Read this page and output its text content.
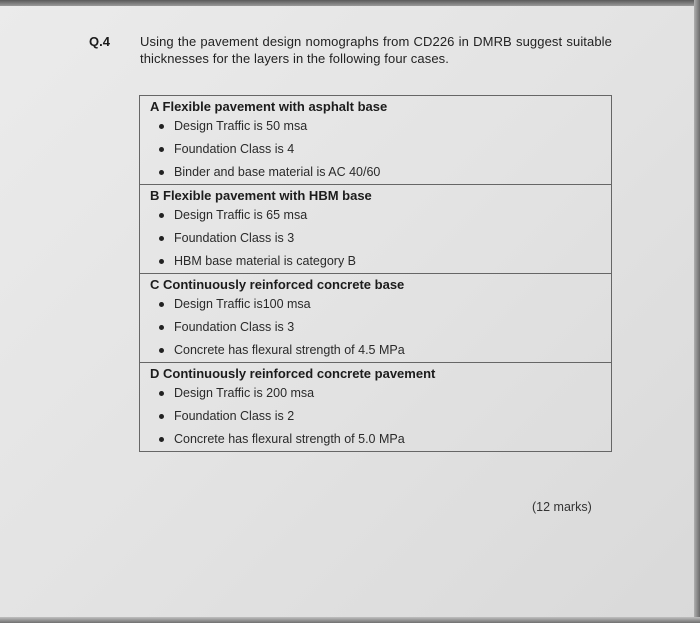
Q.4 Using the pavement design nomographs from CD226 in DMRB suggest suitable thicknesses for the layers in the following four cases.
A Flexible pavement with asphalt base
Design Traffic is 50 msa
Foundation Class is 4
Binder and base material is AC 40/60

B Flexible pavement with HBM base
Design Traffic is 65 msa
Foundation Class is 3
HBM base material is category B

C Continuously reinforced concrete base
Design Traffic is100 msa
Foundation Class is 3
Concrete has flexural strength of 4.5 MPa

D Continuously reinforced concrete pavement
Design Traffic is 200 msa
Foundation Class is 2
Concrete has flexural strength of 5.0 MPa
(12 marks)
